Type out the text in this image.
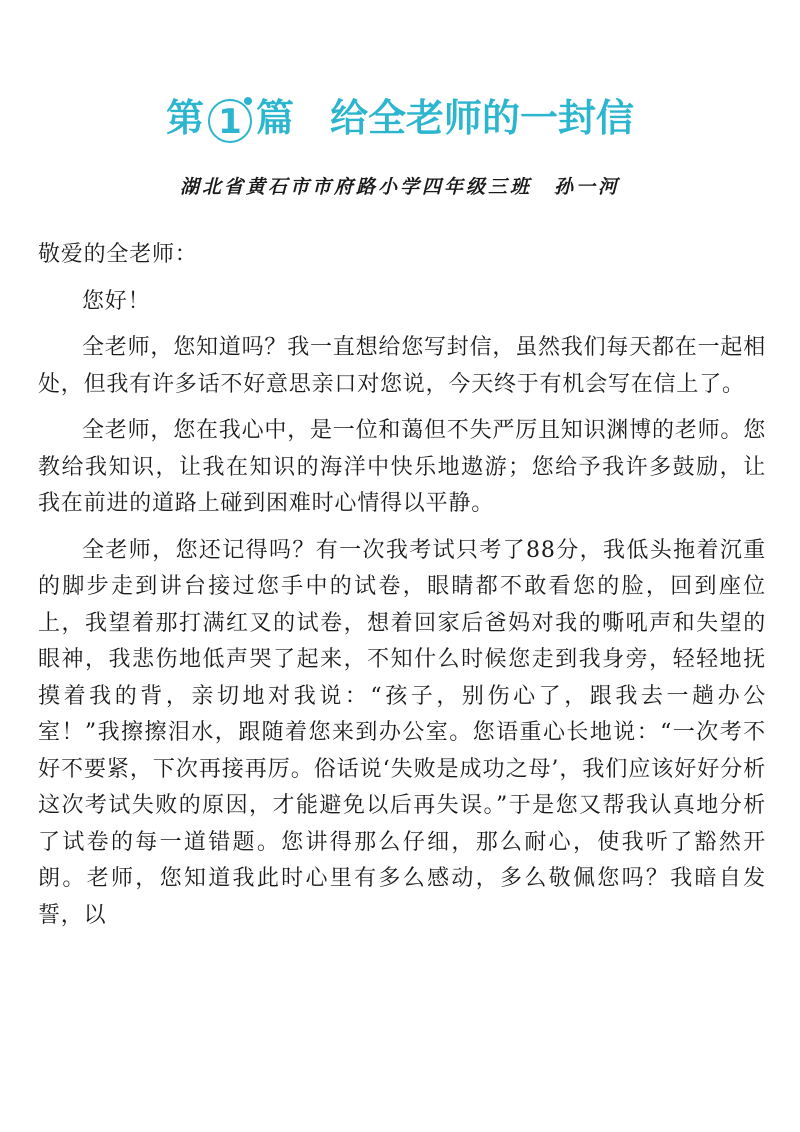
第 1 篇 给全老师的一封信
湖北省黄石市市府路小学四年级三班 孙一河

敬爱的全老师：

您好！

全老师，您知道吗？我一直想给您写封信，虽然我们每天都在一起相处，但我有许多话不好意思亲口对您说，今天终于有机会写在信上了。

全老师，您在我心中，是一位和蔼但不失严厉且知识渊博的老师。您教给我知识，让我在知识的海洋中快乐地遨游；您给予我许多鼓励，让我在前进的道路上碰到困难时心情得以平静。

全老师，您还记得吗？有一次我考试只考了88分，我低头拖着沉重的脚步走到讲台接过您手中的试卷，眼睛都不敢看您的脸，回到座位上，我望着那打满红叉的试卷，想着回家后爸妈对我的嘶吼声和失望的眼神，我悲伤地低声哭了起来，不知什么时候您走到我身旁，轻轻地抚摸着我的背，亲切地对我说：“孩子，别伤心了，跟我去一趟办公室！”我擦擦泪水，跟随着您来到办公室。您语重心长地说：“一次考不好不要紧，下次再接再厉。俗话说‘失败是成功之母’，我们应该好好分析这次考试失败的原因，才能避免以后再失误。”于是您又帮我认真地分析了试卷的每一道错题。您讲得那么仔细，那么耐心，使我听了豁然开朗。老师，您知道我此时心里有多么感动，多么敬佩您吗？我暗自发誓，以
